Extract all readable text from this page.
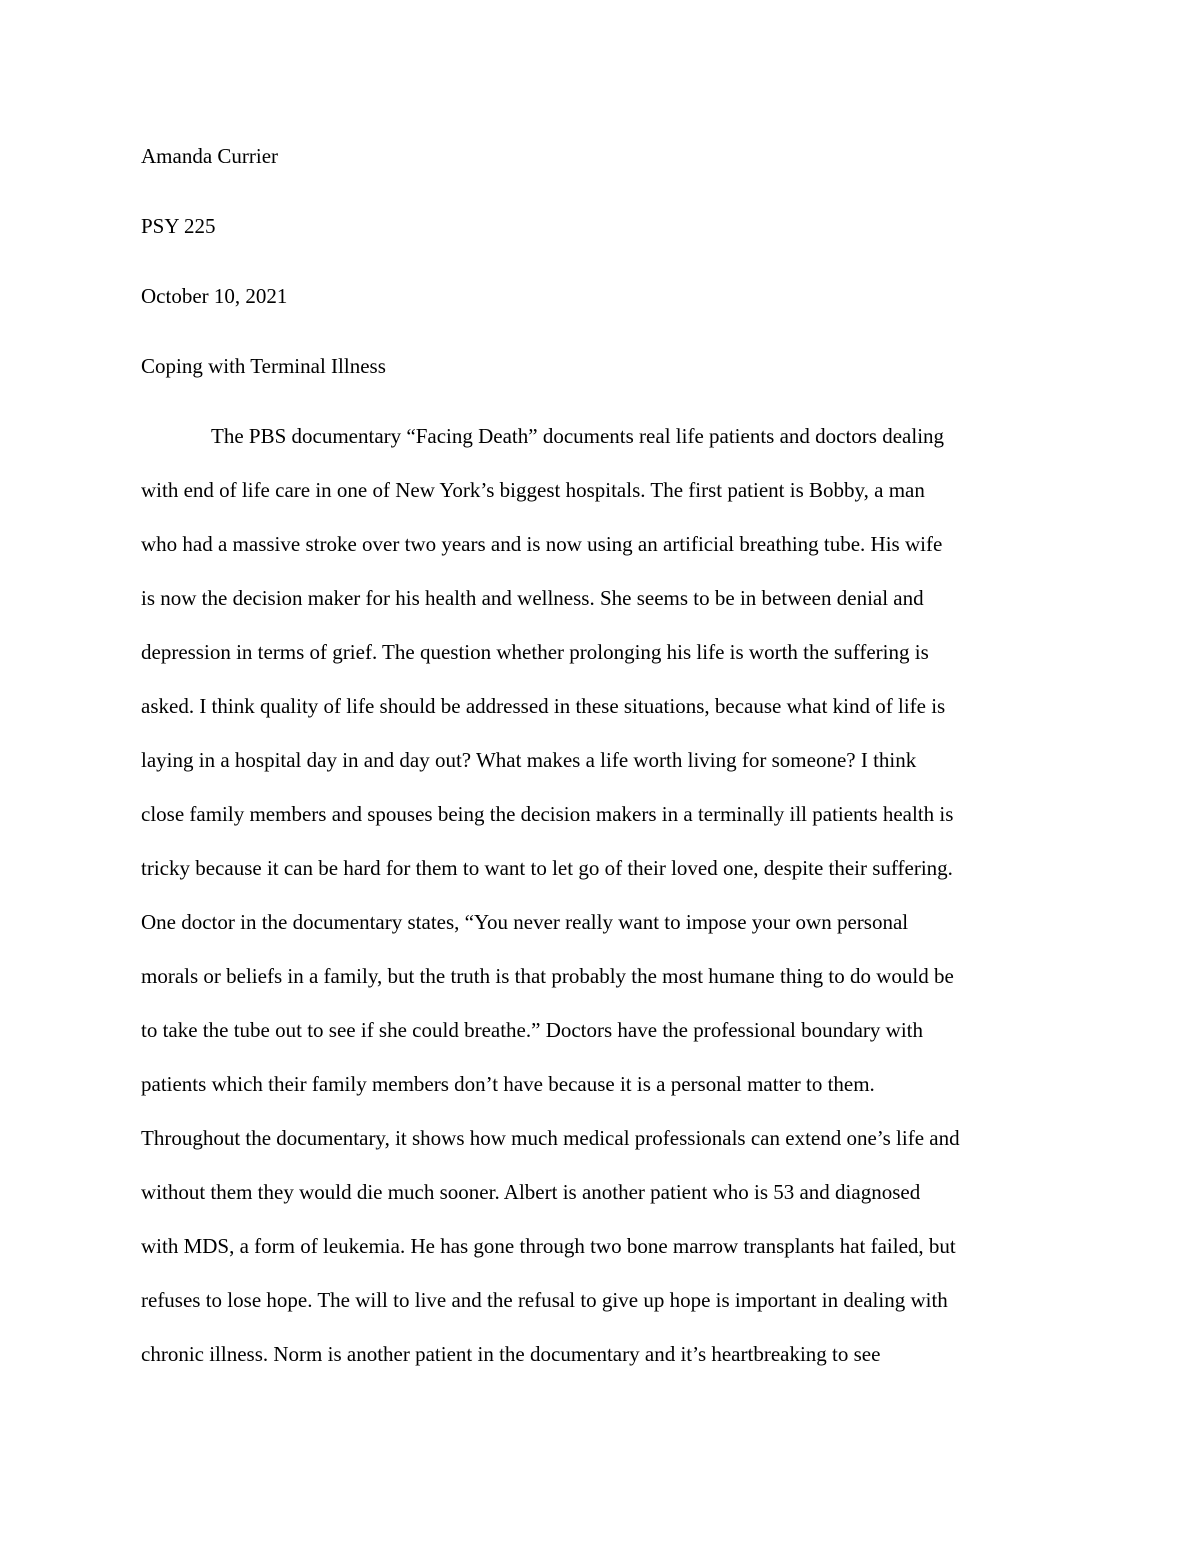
Amanda Currier

PSY 225

October 10, 2021

Coping with Terminal Illness

The PBS documentary “Facing Death” documents real life patients and doctors dealing

with end of life care in one of New York’s biggest hospitals. The first patient is Bobby, a man

who had a massive stroke over two years and is now using an artificial breathing tube. His wife

is now the decision maker for his health and wellness. She seems to be in between denial and

depression in terms of grief. The question whether prolonging his life is worth the suffering is

asked. I think quality of life should be addressed in these situations, because what kind of life is

laying in a hospital day in and day out? What makes a life worth living for someone? I think

close family members and spouses being the decision makers in a terminally ill patients health is

tricky because it can be hard for them to want to let go of their loved one, despite their suffering.

One doctor in the documentary states, “You never really want to impose your own personal

morals or beliefs in a family, but the truth is that probably the most humane thing to do would be

to take the tube out to see if she could breathe.” Doctors have the professional boundary with

patients which their family members don’t have because it is a personal matter to them.

Throughout the documentary, it shows how much medical professionals can extend one’s life and

without them they would die much sooner. Albert is another patient who is 53 and diagnosed

with MDS, a form of leukemia. He has gone through two bone marrow transplants hat failed, but

refuses to lose hope. The will to live and the refusal to give up hope is important in dealing with

chronic illness. Norm is another patient in the documentary and it’s heartbreaking to see
